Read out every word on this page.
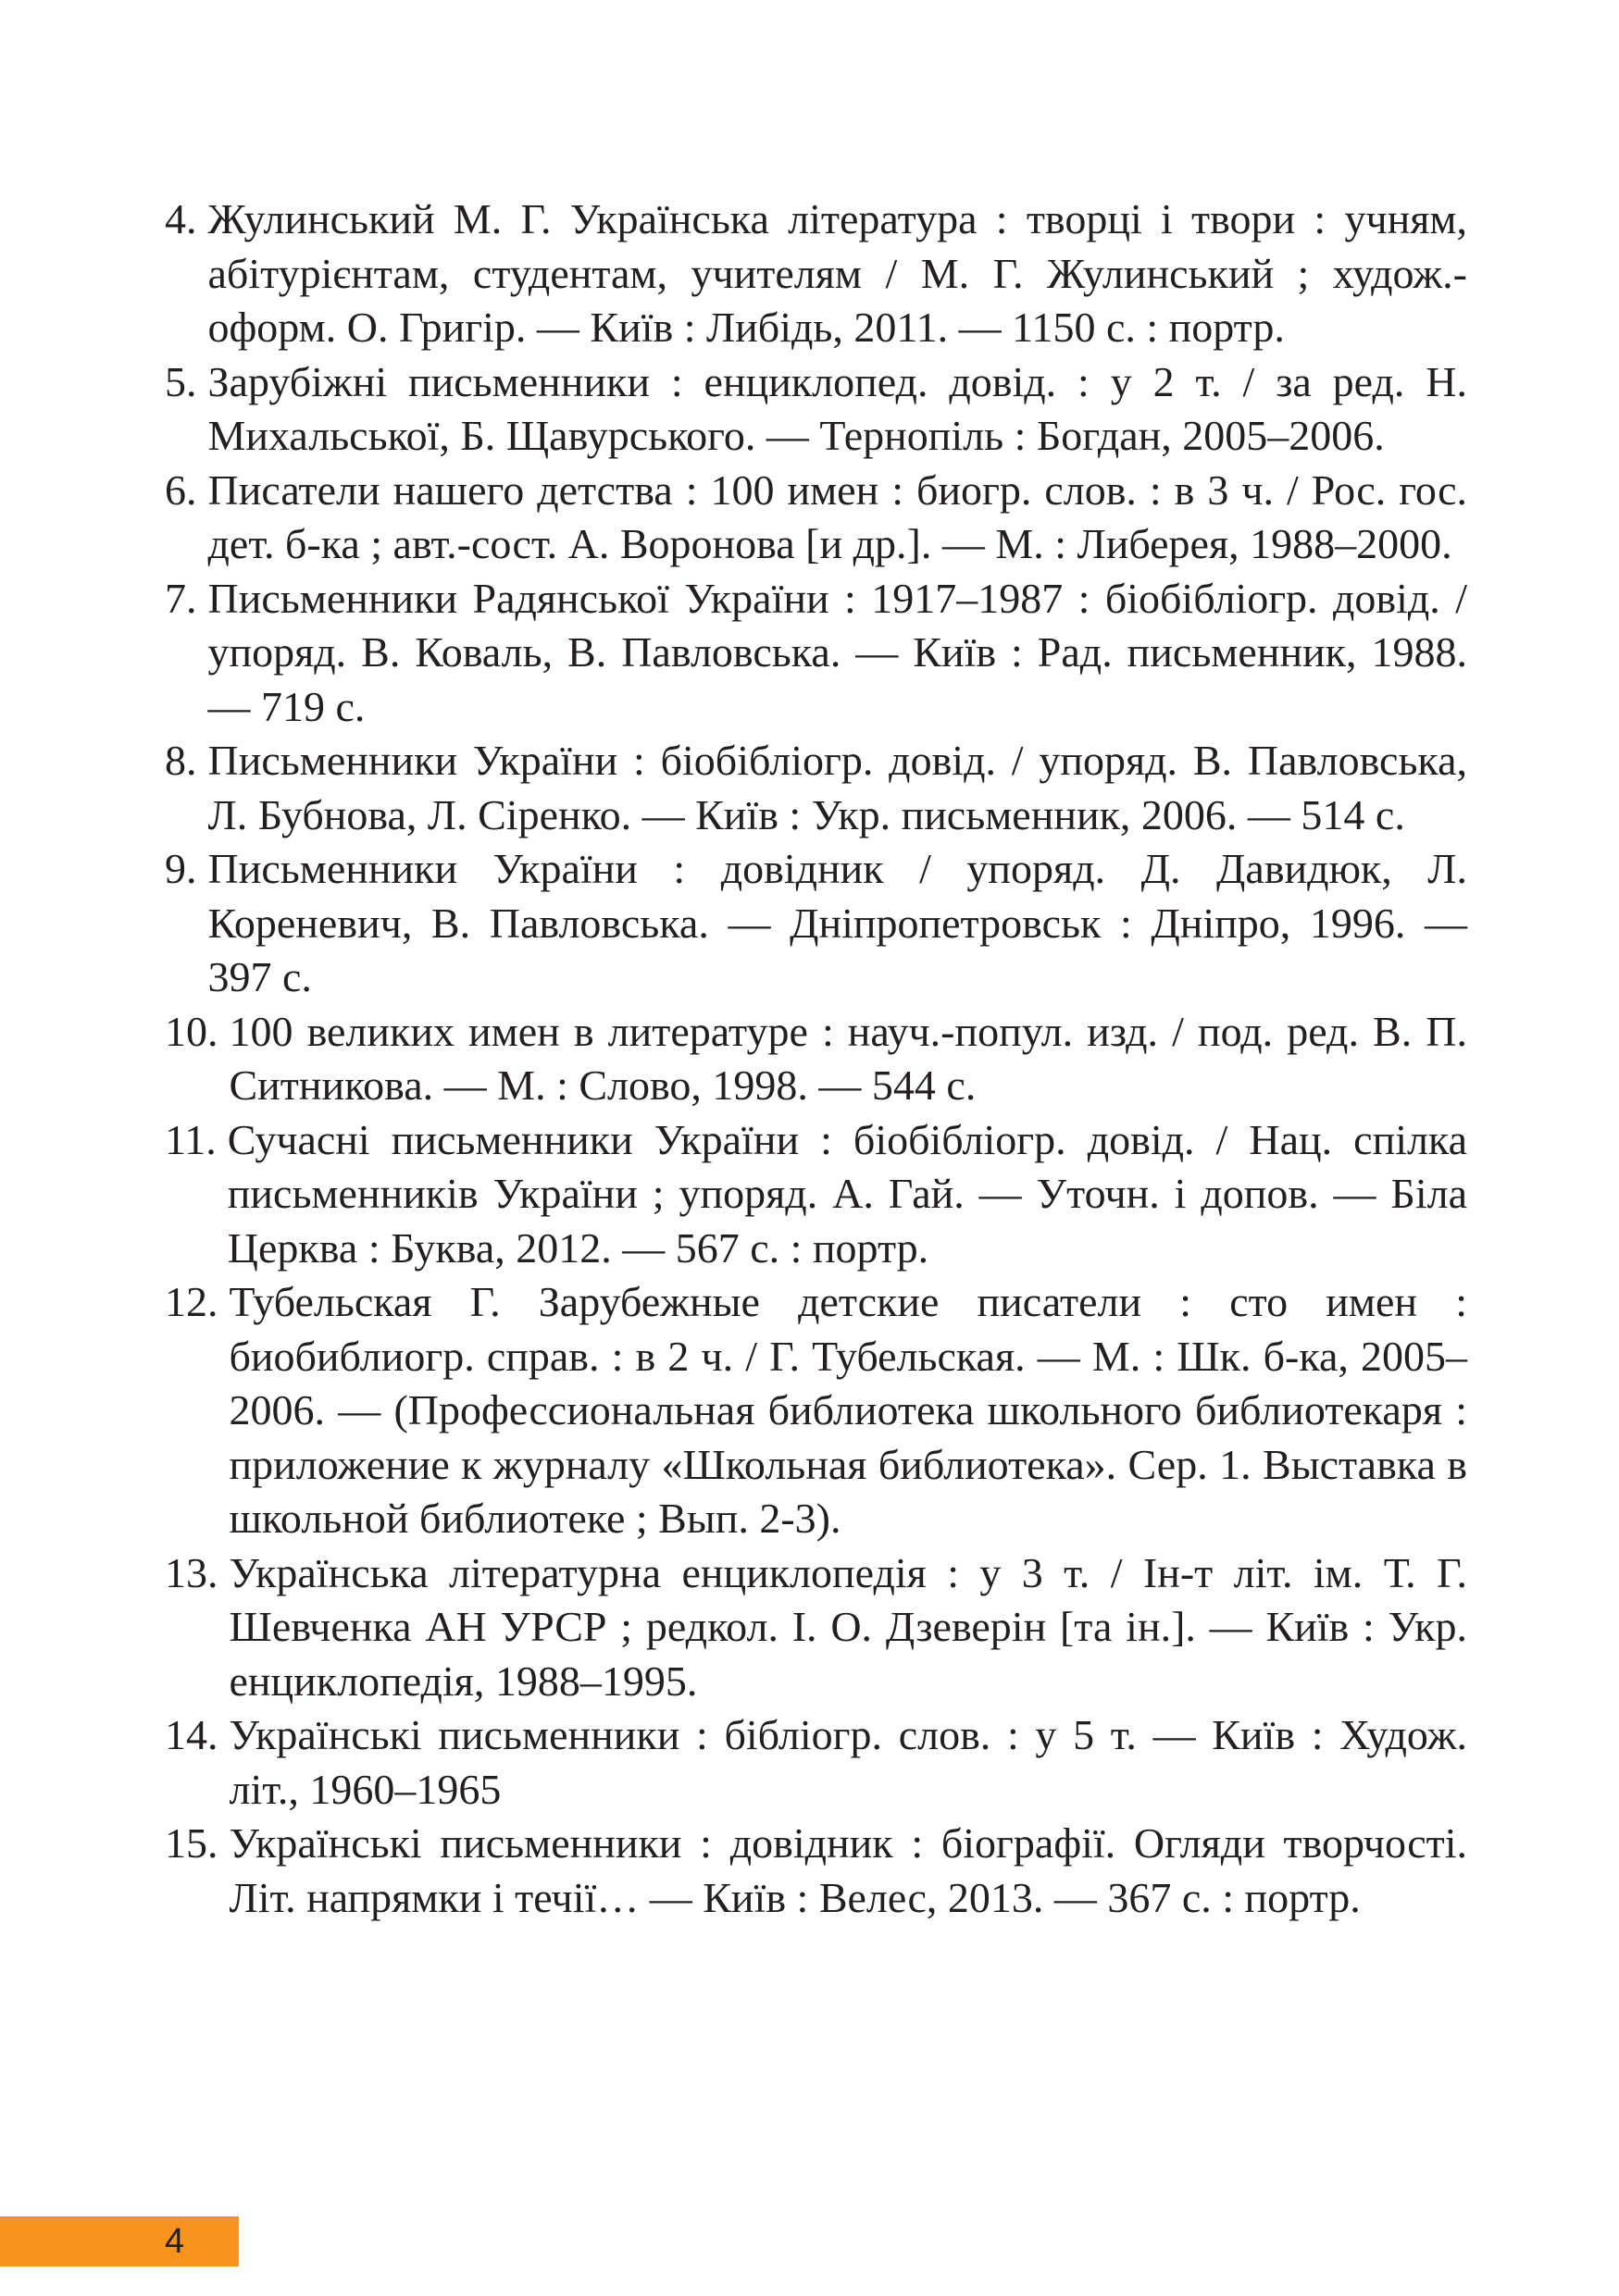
4. Жулинський М. Г. Українська література : творці і твори : учням, абітурієнтам, студентам, учителям / М. Г. Жулинський ; худож.-оформ. О. Григір. — Київ : Либідь, 2011. — 1150 с. : портр.
5. Зарубіжні письменники : енциклопед. довід. : у 2 т. / за ред. Н. Михальської, Б. Щавурського. — Тернопіль : Богдан, 2005–2006.
6. Писатели нашего детства : 100 имен : биогр. слов. : в 3 ч. / Рос. гос. дет. б-ка ; авт.-сост. А. Воронова [и др.]. — М. : Либерея, 1988–2000.
7. Письменники Радянської України : 1917–1987 : біобібліогр. довід. / упоряд. В. Коваль, В. Павловська. — Київ : Рад. письменник, 1988. — 719 с.
8. Письменники України : біобібліогр. довід. / упоряд. В. Павловська, Л. Бубнова, Л. Сіренко. — Київ : Укр. письменник, 2006. — 514 с.
9. Письменники України : довідник / упоряд. Д. Давидюк, Л. Кореневич, В. Павловська. — Дніпропетровськ : Дніпро, 1996. — 397 с.
10. 100 великих имен в литературе : науч.-попул. изд. / под. ред. В. П. Ситникова. — М. : Слово, 1998. — 544 с.
11. Сучасні письменники України : біобібліогр. довід. / Нац. спілка письменників України ; упоряд. А. Гай. — Уточн. і допов. — Біла Церква : Буква, 2012. — 567 с. : портр.
12. Тубельская Г. Зарубежные детские писатели : сто имен : биобиблиогр. справ. : в 2 ч. / Г. Тубельская. — М. : Шк. б-ка, 2005–2006. — (Профессиональная библиотека школьного библиотекаря : приложение к журналу «Школьная библиотека». Сер. 1. Выставка в школьной библиотеке ; Вып. 2-3).
13. Українська літературна енциклопедія : у 3 т. / Ін-т літ. ім. Т. Г. Шевченка АН УРСР ; редкол. І. О. Дзеверін [та ін.]. — Київ : Укр. енциклопедія, 1988–1995.
14. Українські письменники : бібліогр. слов. : у 5 т. — Київ : Худож. літ., 1960–1965
15. Українські письменники : довідник : біографії. Огляди творчості. Літ. напрямки і течії… — Київ : Велес, 2013. — 367 с. : портр.
4
